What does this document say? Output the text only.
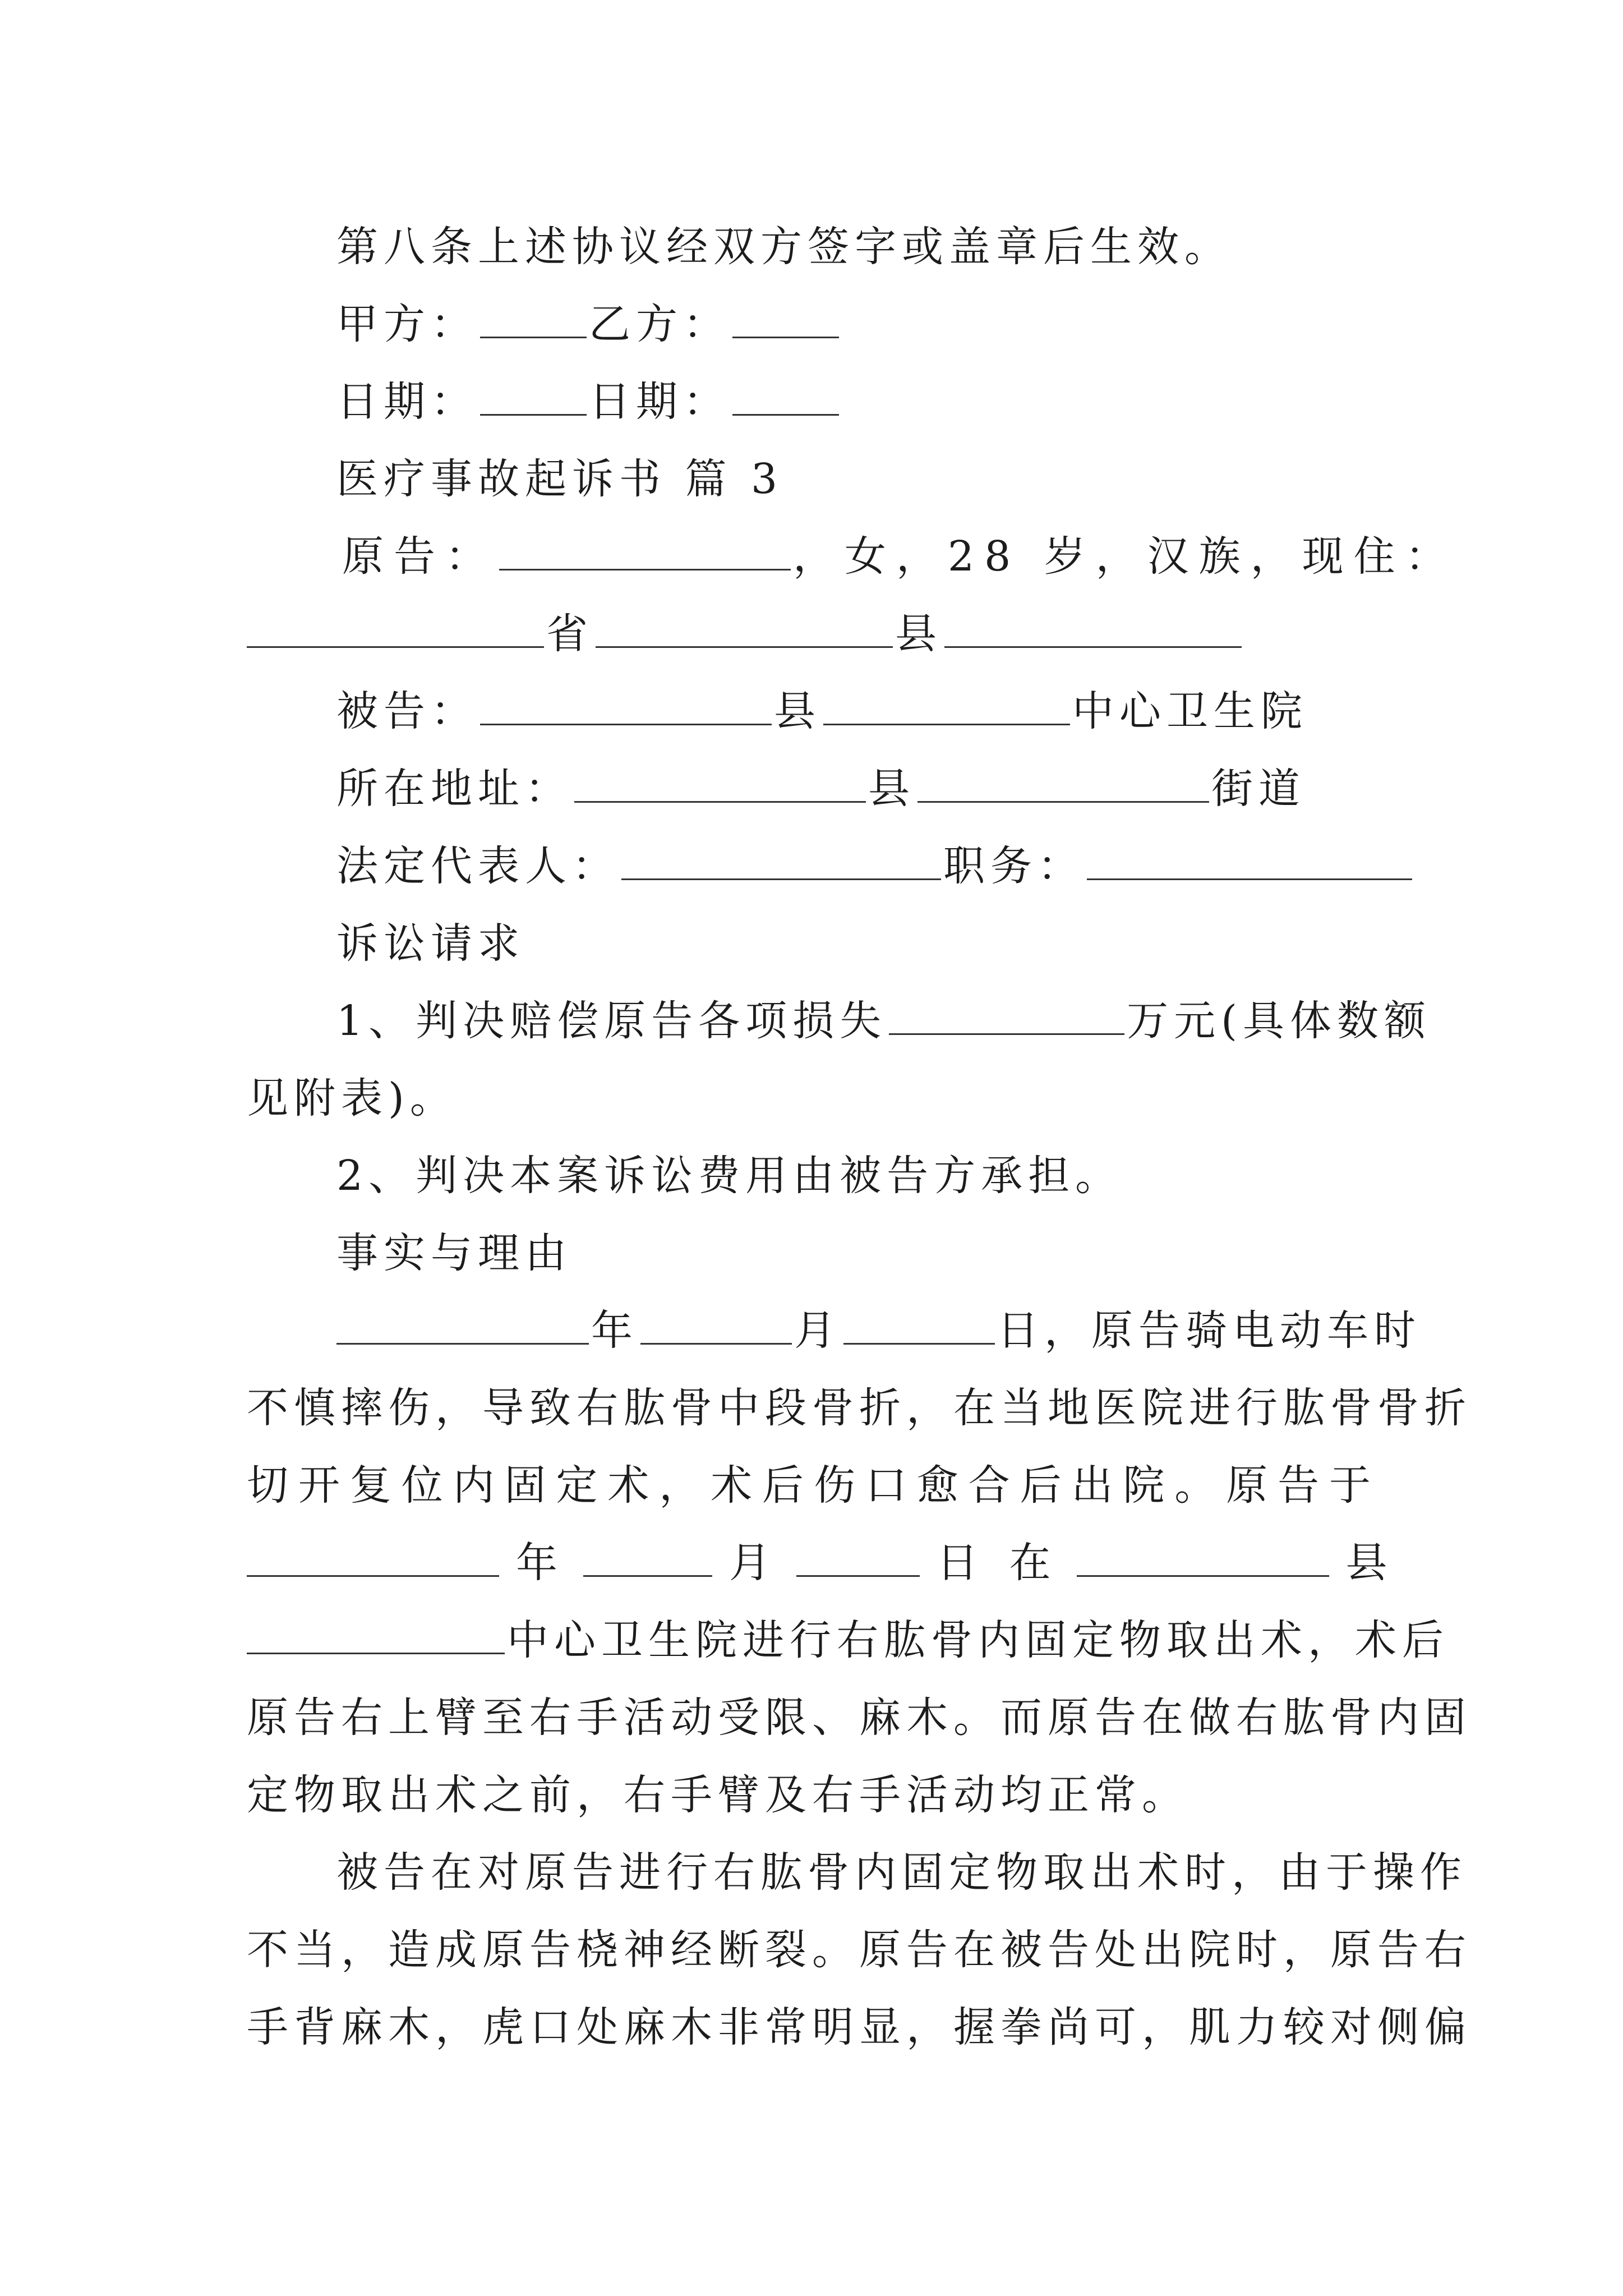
第八条上述协议经双方签字或盖章后生效。
甲方：	乙方：
日期：	日期：
医疗事故起诉书 篇 3
原告：	，女，28 岁，汉族，现住：
省	县
被告：	县	中心卫生院
所在地址：	县	街道
法定代表人：	职务：
诉讼请求
1、判决赔偿原告各项损失	万元(具体数额
见附表)。
2、判决本案诉讼费用由被告方承担。
事实与理由
年	月	日，原告骑电动车时
不慎摔伤，导致右肱骨中段骨折，在当地医院进行肱骨骨折
切开复位内固定术，术后伤口愈合后出院。原告于
年	月	日 在	县
中心卫生院进行右肱骨内固定物取出术，术后
原告右上臂至右手活动受限、麻木。而原告在做右肱骨内固
定物取出术之前，右手臂及右手活动均正常。
被告在对原告进行右肱骨内固定物取出术时，由于操作
不当，造成原告桡神经断裂。原告在被告处出院时，原告右
手背麻木，虎口处麻木非常明显，握拳尚可，肌力较对侧偏
